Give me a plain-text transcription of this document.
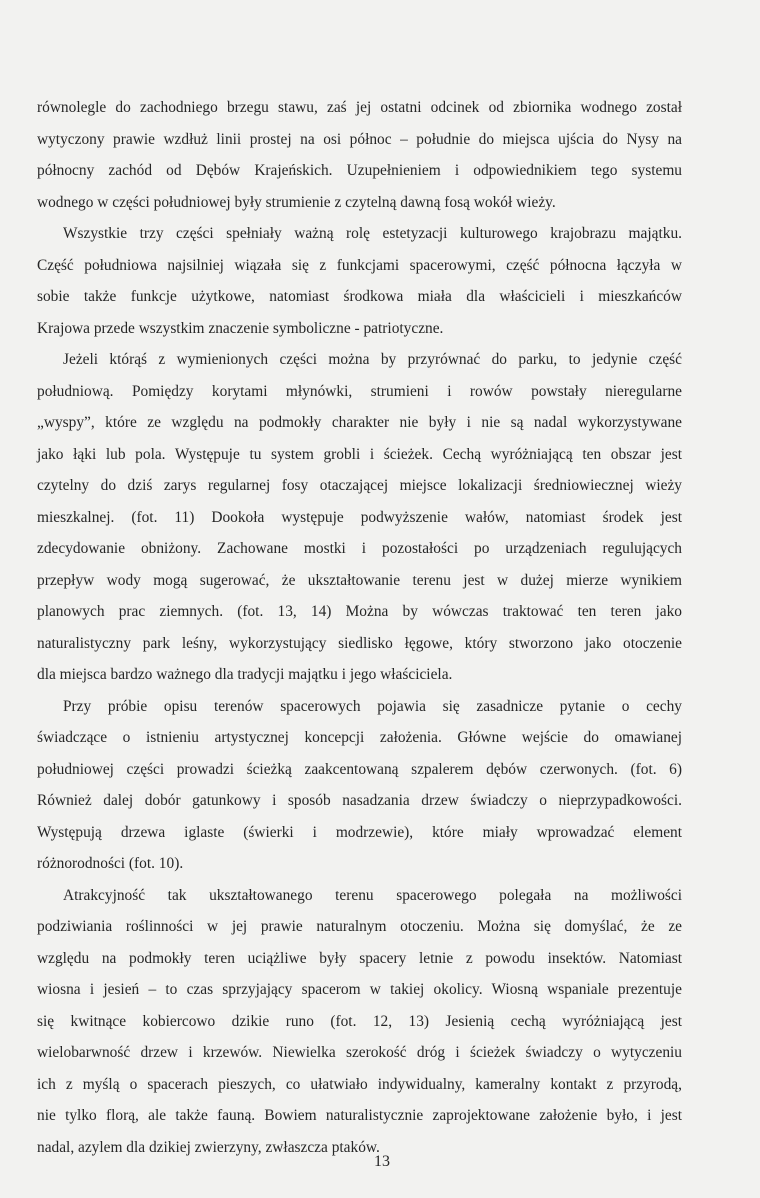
równolegle do zachodniego brzegu stawu, zaś jej ostatni odcinek od zbiornika wodnego został
wytyczony prawie wzdłuż linii prostej na osi północ – południe do miejsca ujścia do Nysy na
północny zachód od Dębów Krajeńskich. Uzupełnieniem i odpowiednikiem tego systemu
wodnego w części południowej były strumienie z czytelną dawną fosą wokół wieży.

Wszystkie trzy części spełniały ważną rolę estetyzacji kulturowego krajobrazu majątku.
Część południowa najsilniej wiązała się z funkcjami spacerowymi, część północna łączyła w
sobie także funkcje użytkowe, natomiast środkowa miała dla właścicieli i mieszkańców
Krajowa przede wszystkim znaczenie symboliczne - patriotyczne.

Jeżeli którąś z wymienionych części można by przyrównać do parku, to jedynie część
południową. Pomiędzy korytami młynówki, strumieni i rowów powstały nieregularne
„wyspy”, które ze względu na podmokły charakter nie były i nie są nadal wykorzystywane
jako łąki lub pola. Występuje tu system grobli i ścieżek. Cechą wyróżniającą ten obszar jest
czytelny do dziś zarys regularnej fosy otaczającej miejsce lokalizacji średniowiecznej wieży
mieszkalnej. (fot. 11) Dookoła występuje podwyższenie wałów, natomiast środek jest
zdecydowanie obniżony. Zachowane mostki i pozostałości po urządzeniach regulujących
przepływ wody mogą sugerować, że ukształtowanie terenu jest w dużej mierze wynikiem
planowych prac ziemnych. (fot. 13, 14) Można by wówczas traktować ten teren jako
naturalistyczny park leśny, wykorzystujący siedlisko łęgowe, który stworzono jako otoczenie
dla miejsca bardzo ważnego dla tradycji majątku i jego właściciela.

Przy próbie opisu terenów spacerowych pojawia się zasadnicze pytanie o cechy
świadczące o istnieniu artystycznej koncepcji założenia. Główne wejście do omawianej
południowej części prowadzi ścieżką zaakcentowaną szpalerem dębów czerwonych. (fot. 6)
Również dalej dobór gatunkowy i sposób nasadzania drzew świadczy o nieprzypadkowości.
Występują drzewa iglaste (świerki i modrzewie), które miały wprowadzać element
różnorodności (fot. 10).

Atrakcyjność tak ukształtowanego terenu spacerowego polegała na możliwości
podziwiania roślinności w jej prawie naturalnym otoczeniu. Można się domyślać, że ze
względu na podmokły teren uciążliwe były spacery letnie z powodu insektów. Natomiast
wiosna i jesień – to czas sprzyjający spacerom w takiej okolicy. Wiosną wspaniale prezentuje
się kwitnące kobiercowo dzikie runo (fot. 12, 13) Jesienią cechą wyróżniającą jest
wielobarwność drzew i krzewów. Niewielka szerokość dróg i ścieżek świadczy o wytyczeniu
ich z myślą o spacerach pieszych, co ułatwiało indywidualny, kameralny kontakt z przyrodą,
nie tylko florą, ale także fauną. Bowiem naturalistycznie zaprojektowane założenie było, i jest
nadal, azylem dla dzikiej zwierzyny, zwłaszcza ptaków.

13
